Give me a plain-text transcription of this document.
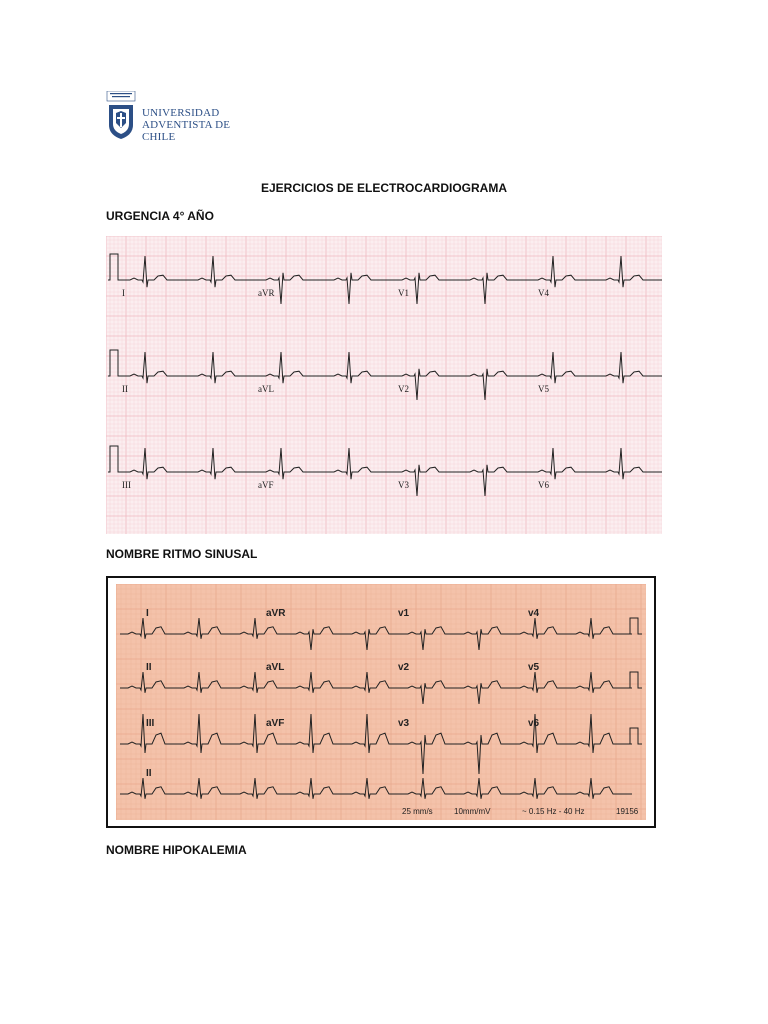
UNIVERSIDAD
ADVENTISTA DE CHILE
EJERCICIOS DE ELECTROCARDIOGRAMA
URGENCIA 4° AÑO
I	aVR	V1	V4
II	aVL	V2	V5
III	aVF	V3	V6
NOMBRE RITMO SINUSAL
I	aVR	v1	v4
II	aVL	v2	v5
III	aVF	v3	v6
II
25 mm/s	10mm/mV	~ 0.15 Hz - 40 Hz	19156
NOMBRE HIPOKALEMIA
